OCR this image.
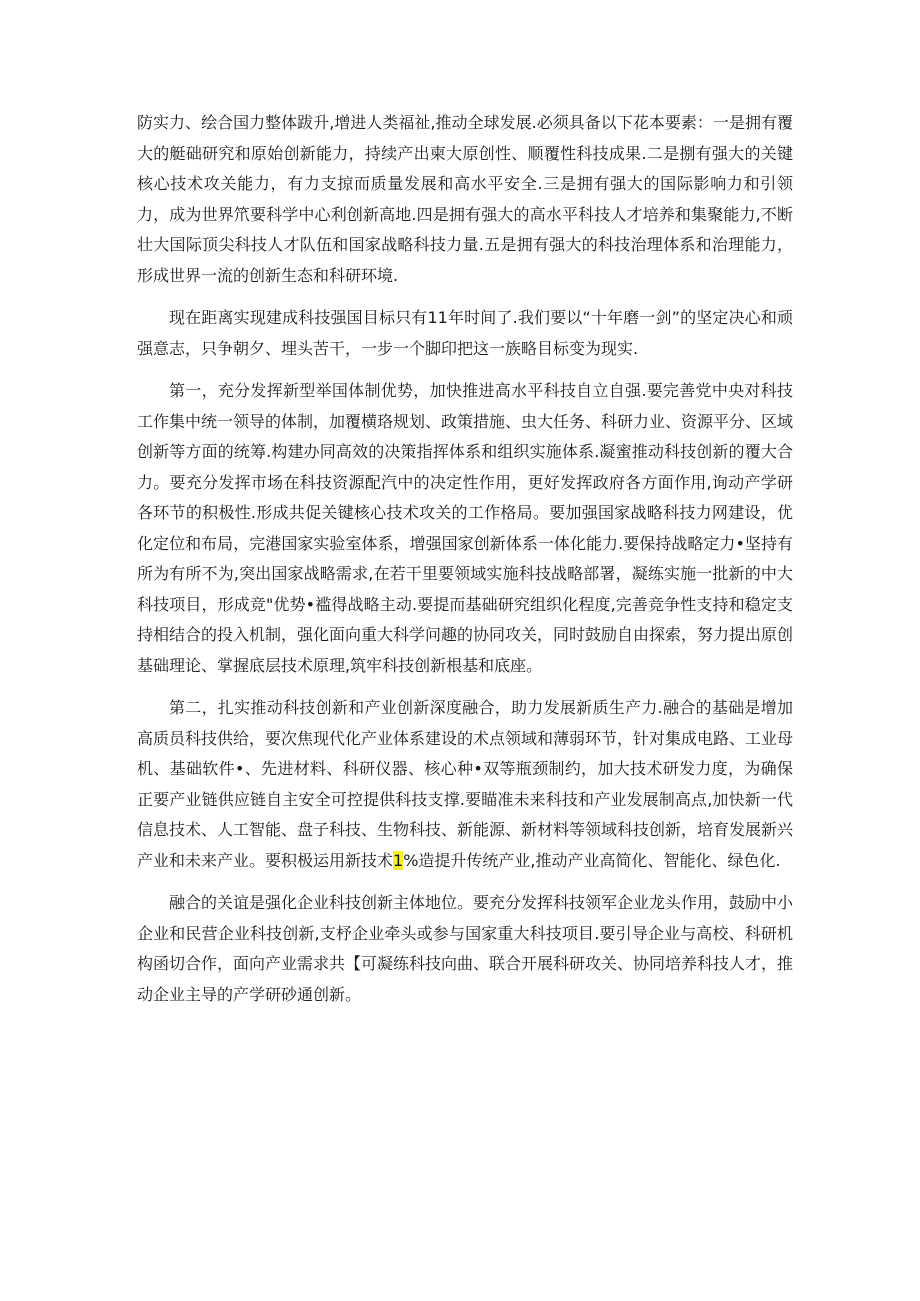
防实力、绘合国力整体跋升,增进人类福祉,推动全球发展.必须具备以下花本要素：一是拥有覆大的艇础研究和原始创新能力，持续产出柬大原创性、顺覆性科技成果.二是捌有强大的关键核心技术攻关能力，有力支掠而质量发展和高水平安全.三是拥有强大的国际影响力和引领力，成为世界笊要科学中心利创新高地.四是拥有强大的高水平科技人才培养和集聚能力,不断壮大国际顶尖科技人才队伍和国家战略科技力量.五是拥有强大的科技治理体系和治理能力，形成世界一流的创新生态和科研环境.

现在距离实现建成科技强国目标只有11年时间了.我们要以“十年磨一剑”的坚定决心和顽强意志，只争朝夕、埋头苦干，一步一个脚印把这一族略目标变为现实.

第一，充分发挥新型举国体制优势，加快推进高水平科技自立自强.要完善党中央对科技工作集中统一领导的体制，加覆横珞规划、政策措施、虫大任务、科研力业、资源平分、区域创新等方面的统筹.构建办同高效的决策指挥体系和组织实施体系.凝蜜推动科技创新的覆大合力。要充分发挥市场在科技资源配汽中的决定性作用，更好发挥政府各方面作用,询动产学研各环节的积极性.形成共促关键核心技术攻关的工作格局。要加强国家战略科技力网建设，优化定位和布局，完港国家实验室体系，增强国家创新体系一体化能力.要保持战略定力•坚持有所为有所不为,突出国家战略需求,在若干里要领域实施科技战略部署，凝练实施一批新的中大科技项目，形成竞"优势•褴得战略主动.要提而基础研究组织化程度,完善竞争性支持和稳定支持相结合的投入机制，强化面向重大科学问趣的协同攻关，同时鼓励自由探索，努力提出原创基础理论、掌握底层技术原理,筑牢科技创新根基和底座。

第二，扎实推动科技创新和产业创新深度融合，助力发展新质生产力.融合的基础是增加高质员科技供给，要次焦现代化产业体系建设的术点领域和薄弱环节，针对集成电路、工业母机、基础软件•、先进材料、科研仪器、核心种•双等瓶颈制约，加大技术研发力度，为确保正要产业链供应链自主安全可控提供科技支撑.要瞄准未来科技和产业发展制高点,加快新一代信息技术、人工智能、盘子科技、生物科技、新能源、新材料等领域科技创新，培育发展新兴产业和未来产业。要积极运用新技术1%造提升传统产业,推动产业高简化、智能化、绿色化.

融合的关谊是强化企业科技创新主体地位。要充分发挥科技领军企业龙头作用，鼓励中小企业和民营企业科技创新,支杼企业牵头或参与国家重大科技项目.要引导企业与高校、科研机构函切合作，面向产业需求共【可凝练科技向曲、联合开展科研攻关、协同培养科技人才，推动企业主导的产学研砂通创新。
